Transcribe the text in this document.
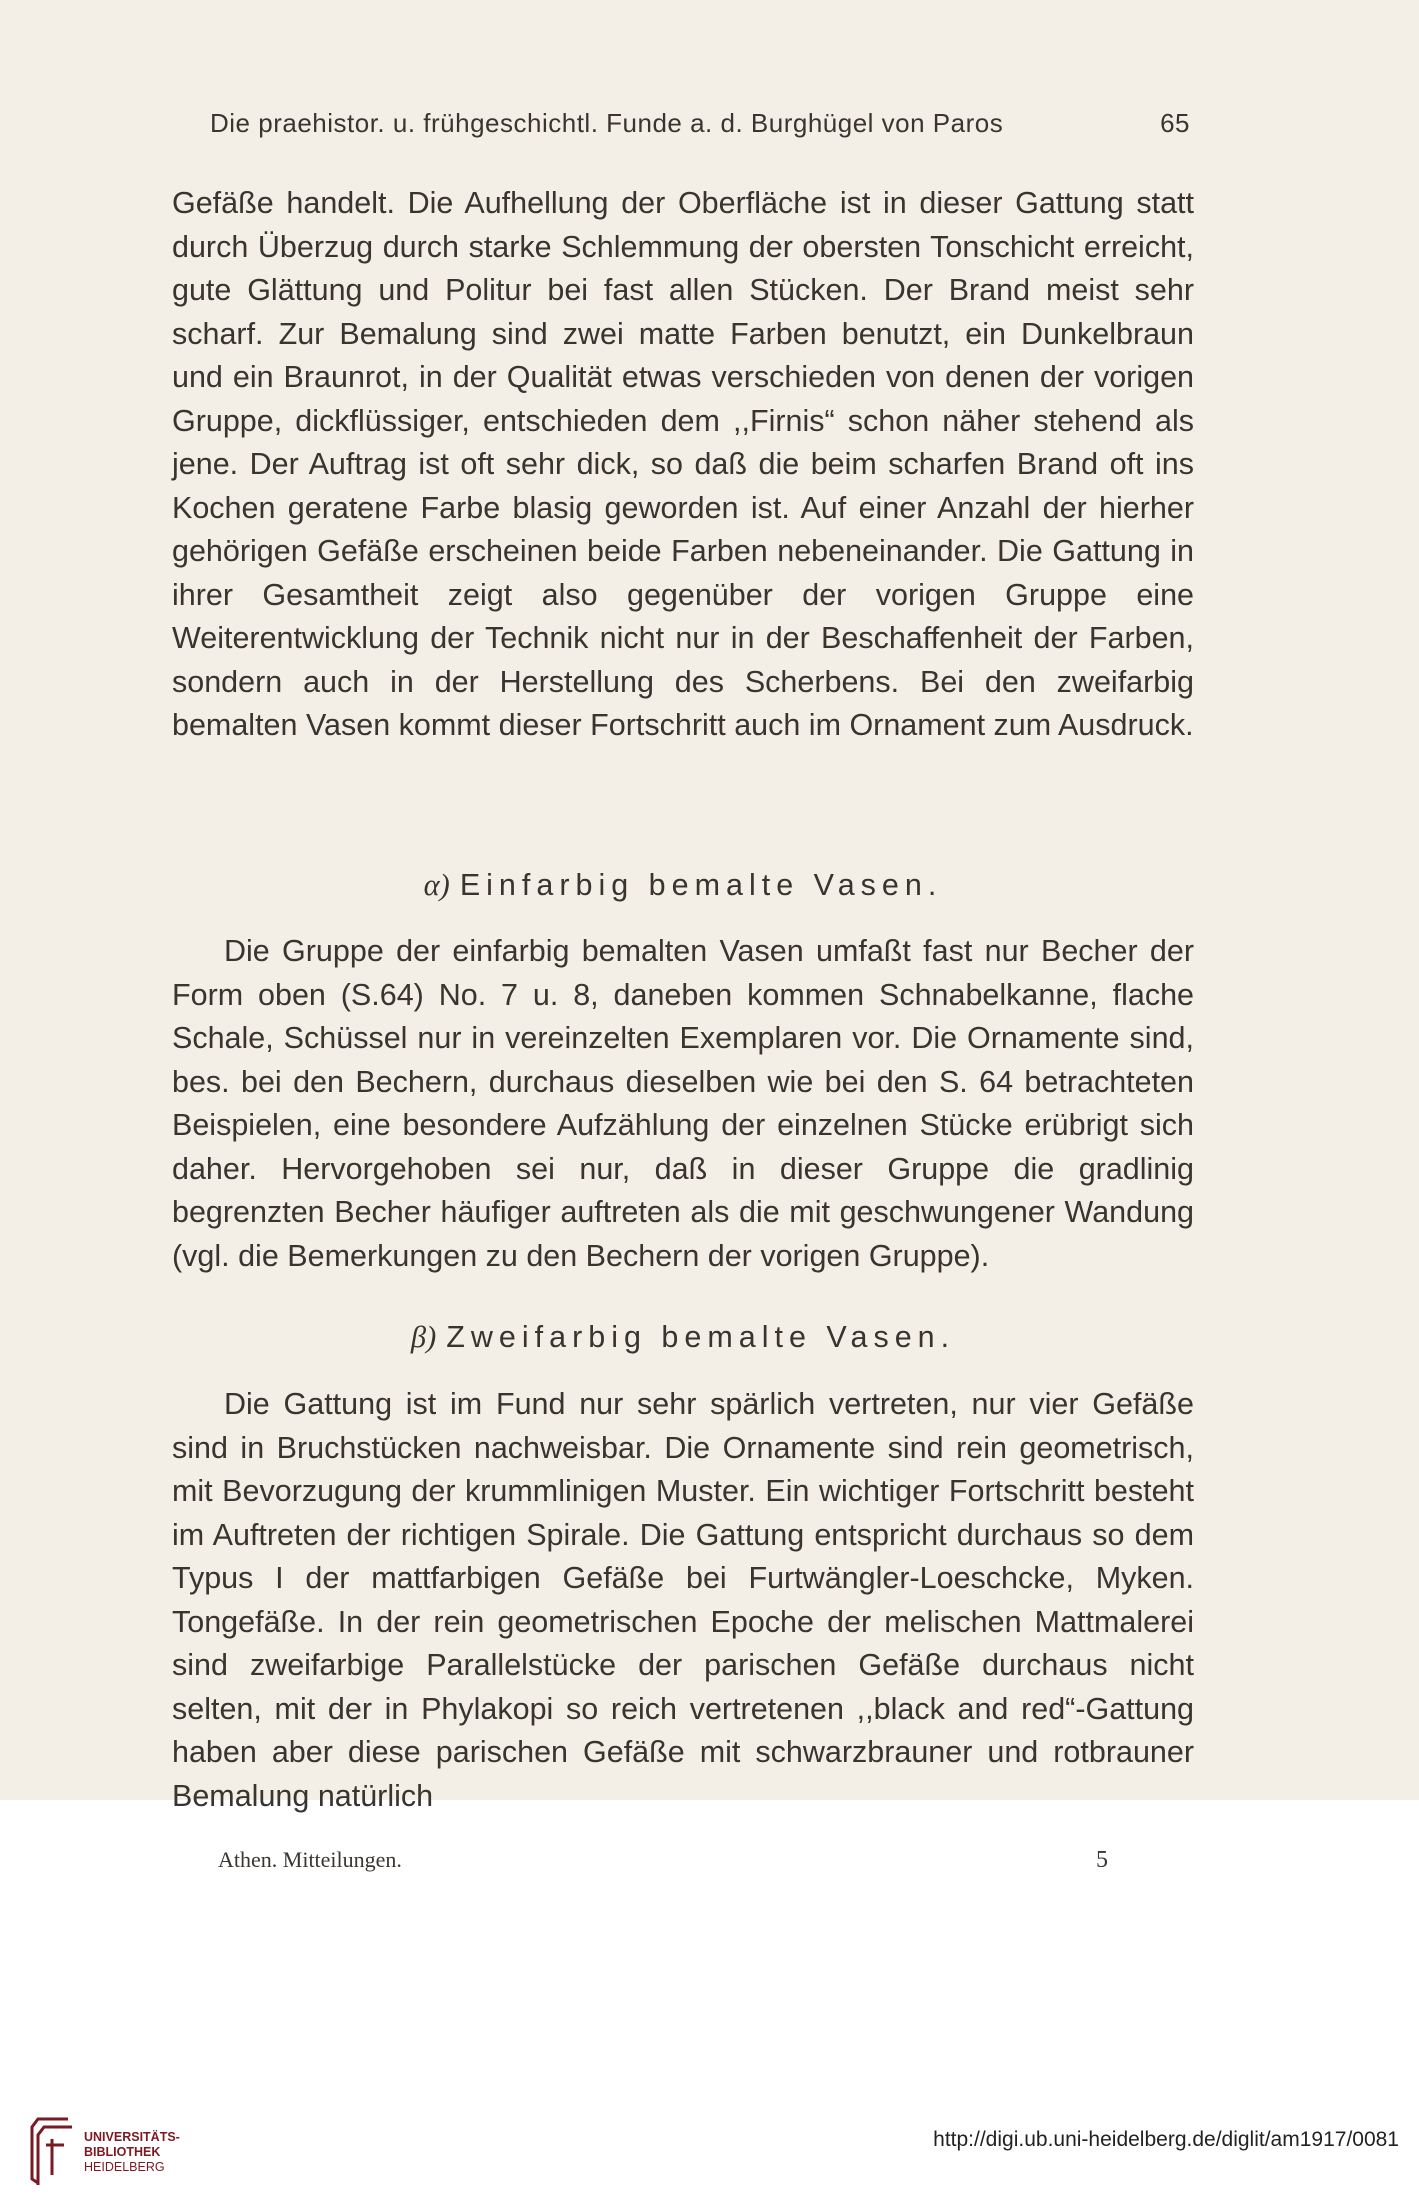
Die praehistor. u. frühgeschichtl. Funde a. d. Burghügel von Paros	65

Gefäße handelt. Die Aufhellung der Oberfläche ist in dieser Gattung statt durch Überzug durch starke Schlemmung der obersten Tonschicht erreicht, gute Glättung und Politur bei fast allen Stücken. Der Brand meist sehr scharf. Zur Bemalung sind zwei matte Farben benutzt, ein Dunkelbraun und ein Braunrot, in der Qualität etwas verschieden von denen der vorigen Gruppe, dickflüssiger, entschieden dem ,,Firnis“ schon näher stehend als jene. Der Auftrag ist oft sehr dick, so daß die beim scharfen Brand oft ins Kochen geratene Farbe blasig geworden ist. Auf einer Anzahl der hierher gehörigen Gefäße erscheinen beide Farben nebeneinander. Die Gattung in ihrer Gesamtheit zeigt also gegenüber der vorigen Gruppe eine Weiterentwicklung der Technik nicht nur in der Beschaffenheit der Farben, sondern auch in der Herstellung des Scherbens. Bei den zweifarbig bemalten Vasen kommt dieser Fortschritt auch im Ornament zum Ausdruck.

α) Einfarbig bemalte Vasen.

Die Gruppe der einfarbig bemalten Vasen umfaßt fast nur Becher der Form oben (S.64) No. 7 u. 8, daneben kommen Schnabelkanne, flache Schale, Schüssel nur in vereinzelten Exemplaren vor. Die Ornamente sind, bes. bei den Bechern, durchaus dieselben wie bei den S. 64 betrachteten Beispielen, eine besondere Aufzählung der einzelnen Stücke erübrigt sich daher. Hervorgehoben sei nur, daß in dieser Gruppe die gradlinig begrenzten Becher häufiger auftreten als die mit geschwungener Wandung (vgl. die Bemerkungen zu den Bechern der vorigen Gruppe).

β) Zweifarbig bemalte Vasen.

Die Gattung ist im Fund nur sehr spärlich vertreten, nur vier Gefäße sind in Bruchstücken nachweisbar. Die Ornamente sind rein geometrisch, mit Bevorzugung der krummlinigen Muster. Ein wichtiger Fortschritt besteht im Auftreten der richtigen Spirale. Die Gattung entspricht durchaus so dem Typus I der mattfarbigen Gefäße bei Furtwängler-Loeschcke, Myken. Tongefäße. In der rein geometrischen Epoche der melischen Mattmalerei sind zweifarbige Parallelstücke der parischen Gefäße durchaus nicht selten, mit der in Phylakopi so reich vertretenen ,,black and red“-Gattung haben aber diese parischen Gefäße mit schwarzbrauner und rotbrauner Bemalung natürlich

Athen. Mitteilungen.	5
UNIVERSITÄTS-
BIBLIOTHEK
HEIDELBERG
http://digi.ub.uni-heidelberg.de/diglit/am1917/0081
